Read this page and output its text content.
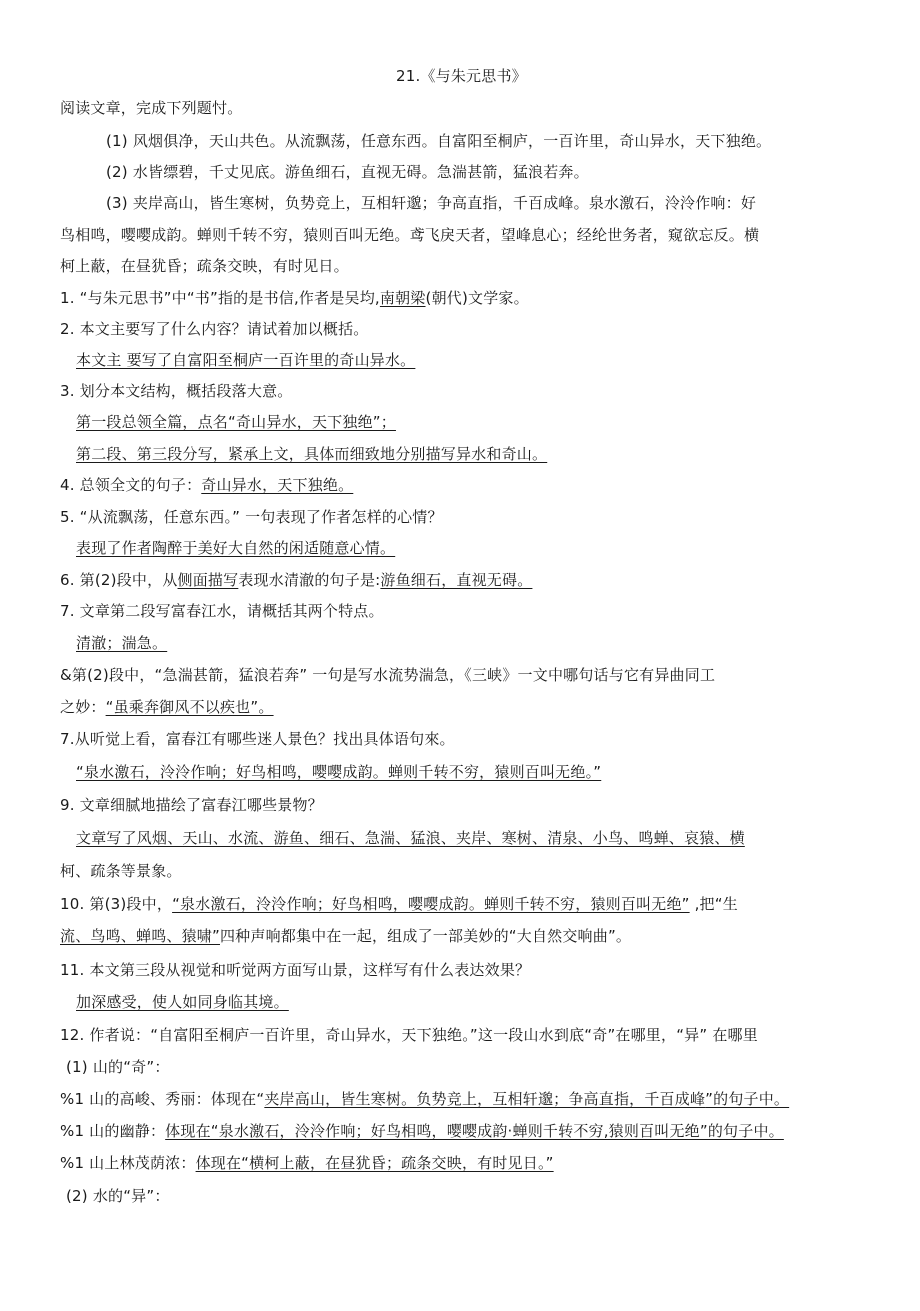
21.《与朱元思书》
阅读文章，完成下列题忖。
(1) 风烟俱净，天山共色。从流飘荡，任意东西。自富阳至桐庐，一百许里，奇山异水，天下独绝。
(2) 水皆缥碧，千丈见底。游鱼细石，直视无碍。急湍甚箭，猛浪若奔。
(3) 夹岸高山，皆生寒树，负势竞上，互相轩邈；争高直指，千百成峰。泉水激石，泠泠作响：好
鸟相鸣，嘤嘤成韵。蝉则千转不穷，猿则百叫无绝。鸢飞戾天者，望峰息心；经纶世务者，窥欲忘反。横
柯上蔽，在昼犹昏；疏条交映，有时见日。
1. “与朱元思书”中“书”指的是书信,作者是吴均,南朝梁(朝代)文学家。
2. 本文主要写了什么内容？请试着加以概括。
本文主 要写了自富阳至桐庐一百许里的奇山异水。
3. 划分本文结构，概括段落大意。
第一段总领全篇，点名“奇山异水，天下独绝”；
第二段、第三段分写，紧承上文，具体而细致地分别描写异水和奇山。
4. 总领全文的句子：奇山异水，天下独绝。
5. “从流飘荡，任意东西。” 一句表现了作者怎样的心情？
表现了作者陶醉于美好大自然的闲适随意心情。
6. 第(2)段中，从侧面描写表现水清澈的句子是:游鱼细石，直视无碍。
7. 文章第二段写富春江水，请概括其两个特点。
清澈；湍急。
&第(2)段中，“急湍甚箭，猛浪若奔” 一句是写水流势湍急，《三峡》一文中哪句话与它有异曲同工
之妙：“虽乘奔御风不以疾也”。
7.从听觉上看，富春江有哪些迷人景色？找出具体语句來。
“泉水激石，泠泠作响；好鸟相鸣，嘤嘤成韵。蝉则千转不穷，猿则百叫无绝。”
9. 文章细腻地描绘了富春江哪些景物？
文章写了风烟、天山、水流、游鱼、细石、急湍、猛浪、夹岸、寒树、清泉、小鸟、鸣蝉、哀猿、横
柯、疏条等景象。
10. 第(3)段中，“泉水激石，泠泠作响；好鸟相鸣，嘤嘤成韵。蝉则千转不穷，猿则百叫无绝” ,把“生
流、鸟鸣、蝉鸣、猿啸”四种声响都集中在一起，组成了一部美妙的“大自然交响曲”。
11. 本文第三段从视觉和听觉两方面写山景，这样写有什么表达效果？
加深感受，使人如同身临其境。
12. 作者说：“自富阳至桐庐一百许里，奇山异水，天下独绝。”这一段山水到底“奇”在哪里，“异” 在哪里
(1) 山的“奇”：
%1 山的高峻、秀丽：体现在“夹岸高山，皆生寒树。负势竞上，互相轩邈；争高直指，千百成峰”的句子中。
%1 山的幽静：体现在“泉水激石，泠泠作响；好鸟相鸣，嘤嘤成韵·蝉则千转不穷,猿则百叫无绝”的句子中。
%1 山上林茂荫浓：体现在“横柯上蔽，在昼犹昏；疏条交映，有时见日。”
(2) 水的“异”：
